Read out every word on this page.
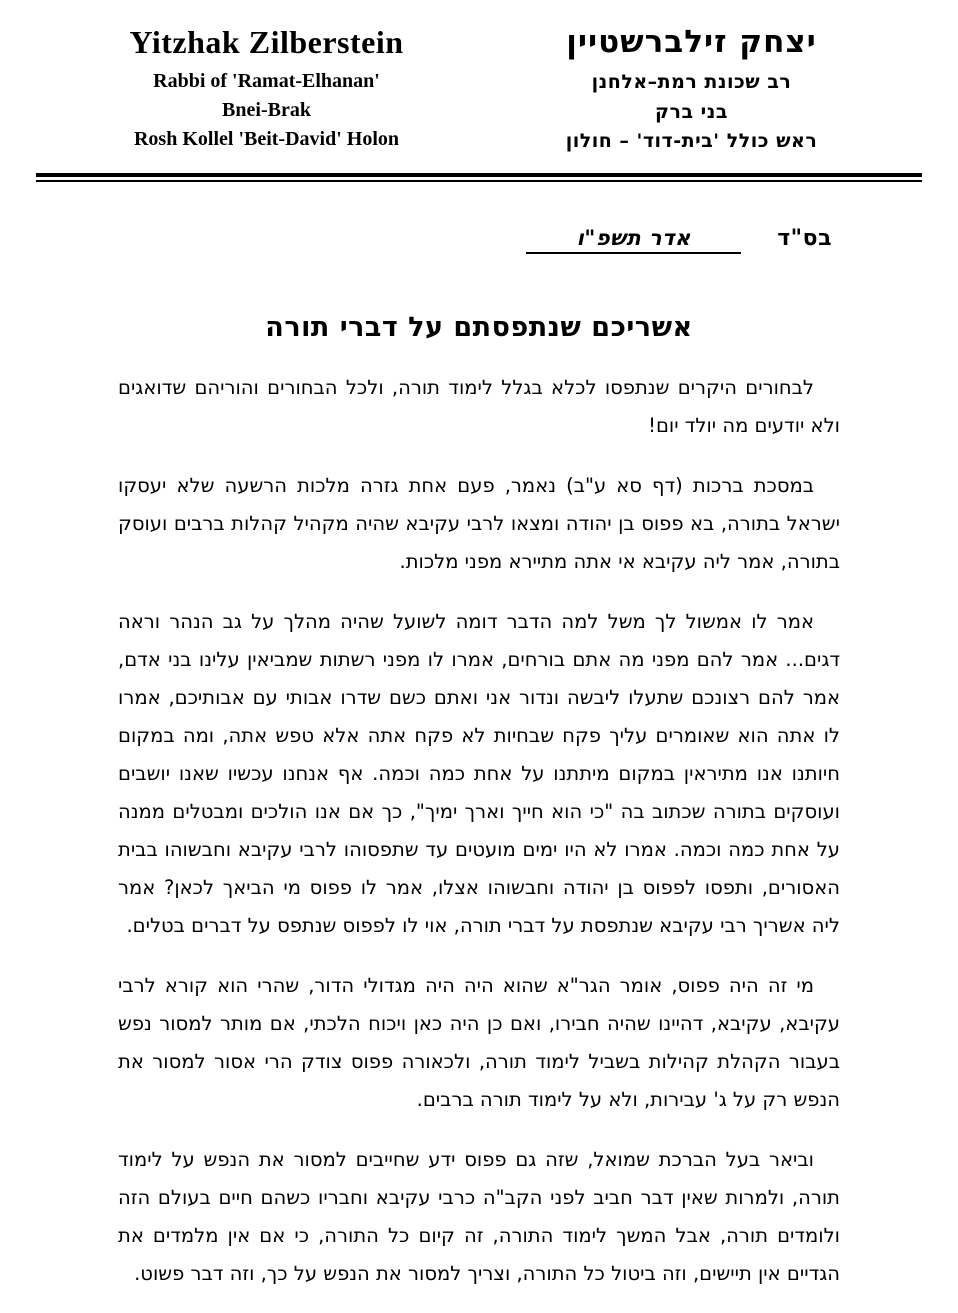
Yitzhak Zilberstein
Rabbi of 'Ramat-Elhanan'
Bnei-Brak
Rosh Kollel 'Beit-David' Holon
יצחק זילברשטיין
רב שכונת רמת–אלחנן
בני ברק
ראש כולל 'בית-דוד' – חולון
בס"ד
אדר תשפ"ו
אשריכם שנתפסתם על דברי תורה

לבחורים היקרים שנתפסו לכלא בגלל לימוד תורה, ולכל הבחורים והוריהם שדואגים ולא יודעים מה יולד יום!

במסכת ברכות (דף סא ע"ב) נאמר, פעם אחת גזרה מלכות הרשעה שלא יעסקו ישראל בתורה, בא פפוס בן יהודה ומצאו לרבי עקיבא שהיה מקהיל קהלות ברבים ועוסק בתורה, אמר ליה עקיבא אי אתה מתיירא מפני מלכות.

אמר לו אמשול לך משל למה הדבר דומה לשועל שהיה מהלך על גב הנהר וראה דגים... אמר להם מפני מה אתם בורחים, אמרו לו מפני רשתות שמביאין עלינו בני אדם, אמר להם רצונכם שתעלו ליבשה ונדור אני ואתם כשם שדרו אבותי עם אבותיכם, אמרו לו אתה הוא שאומרים עליך פקח שבחיות לא פקח אתה אלא טפש אתה, ומה במקום חיותנו אנו מתיראין במקום מיתתנו על אחת כמה וכמה. אף אנחנו עכשיו שאנו יושבים ועוסקים בתורה שכתוב בה "כי הוא חייך וארך ימיך", כך אם אנו הולכים ומבטלים ממנה על אחת כמה וכמה. אמרו לא היו ימים מועטים עד שתפסוהו לרבי עקיבא וחבשוהו בבית האסורים, ותפסו לפפוס בן יהודה וחבשוהו אצלו, אמר לו פפוס מי הביאך לכאן? אמר ליה אשריך רבי עקיבא שנתפסת על דברי תורה, אוי לו לפפוס שנתפס על דברים בטלים.

מי זה היה פפוס, אומר הגר"א שהוא היה היה מגדולי הדור, שהרי הוא קורא לרבי עקיבא, עקיבא, דהיינו שהיה חבירו, ואם כן היה כאן ויכוח הלכתי, אם מותר למסור נפש בעבור הקהלת קהילות בשביל לימוד תורה, ולכאורה פפוס צודק הרי אסור למסור את הנפש רק על ג' עבירות, ולא על לימוד תורה ברבים.

וביאר בעל הברכת שמואל, שזה גם פפוס ידע שחייבים למסור את הנפש על לימוד תורה, ולמרות שאין דבר חביב לפני הקב"ה כרבי עקיבא וחבריו כשהם חיים בעולם הזה ולומדים תורה, אבל המשך לימוד התורה, זה קיום כל התורה, כי אם אין מלמדים את הגדיים אין תיישים, וזה ביטול כל התורה, וצריך למסור את הנפש על כך, וזה דבר פשוט.
